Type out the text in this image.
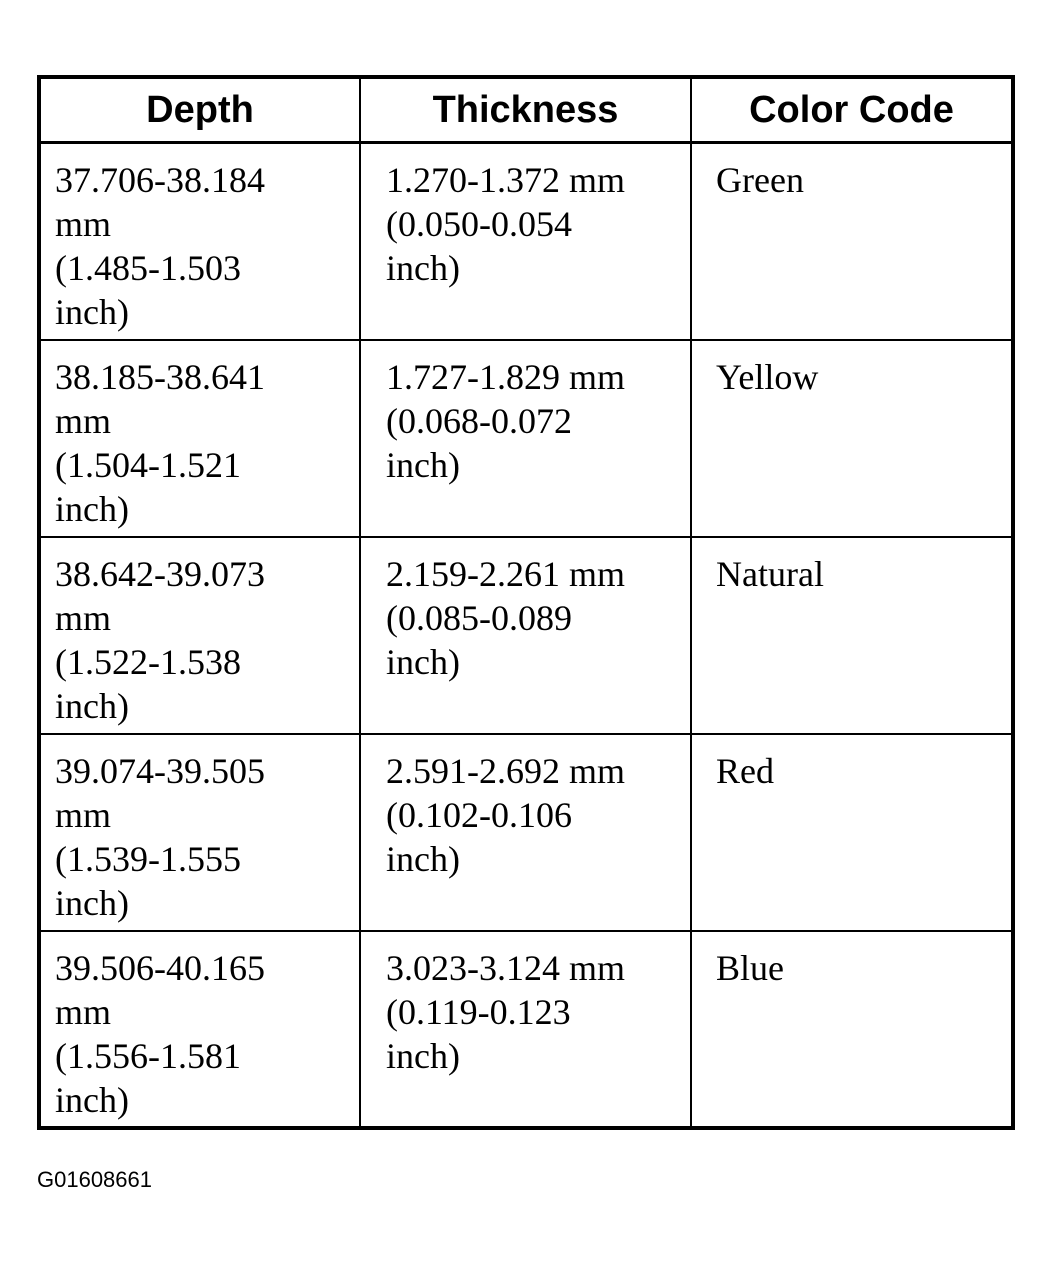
Depth	Thickness	Color Code

37.706-38.184
mm
(1.485-1.503
inch)	1.270-1.372 mm
(0.050-0.054
inch)	Green

38.185-38.641
mm
(1.504-1.521
inch)	1.727-1.829 mm
(0.068-0.072
inch)	Yellow

38.642-39.073
mm
(1.522-1.538
inch)	2.159-2.261 mm
(0.085-0.089
inch)	Natural

39.074-39.505
mm
(1.539-1.555
inch)	2.591-2.692 mm
(0.102-0.106
inch)	Red

39.506-40.165
mm
(1.556-1.581
inch)	3.023-3.124 mm
(0.119-0.123
inch)	Blue
G01608661
